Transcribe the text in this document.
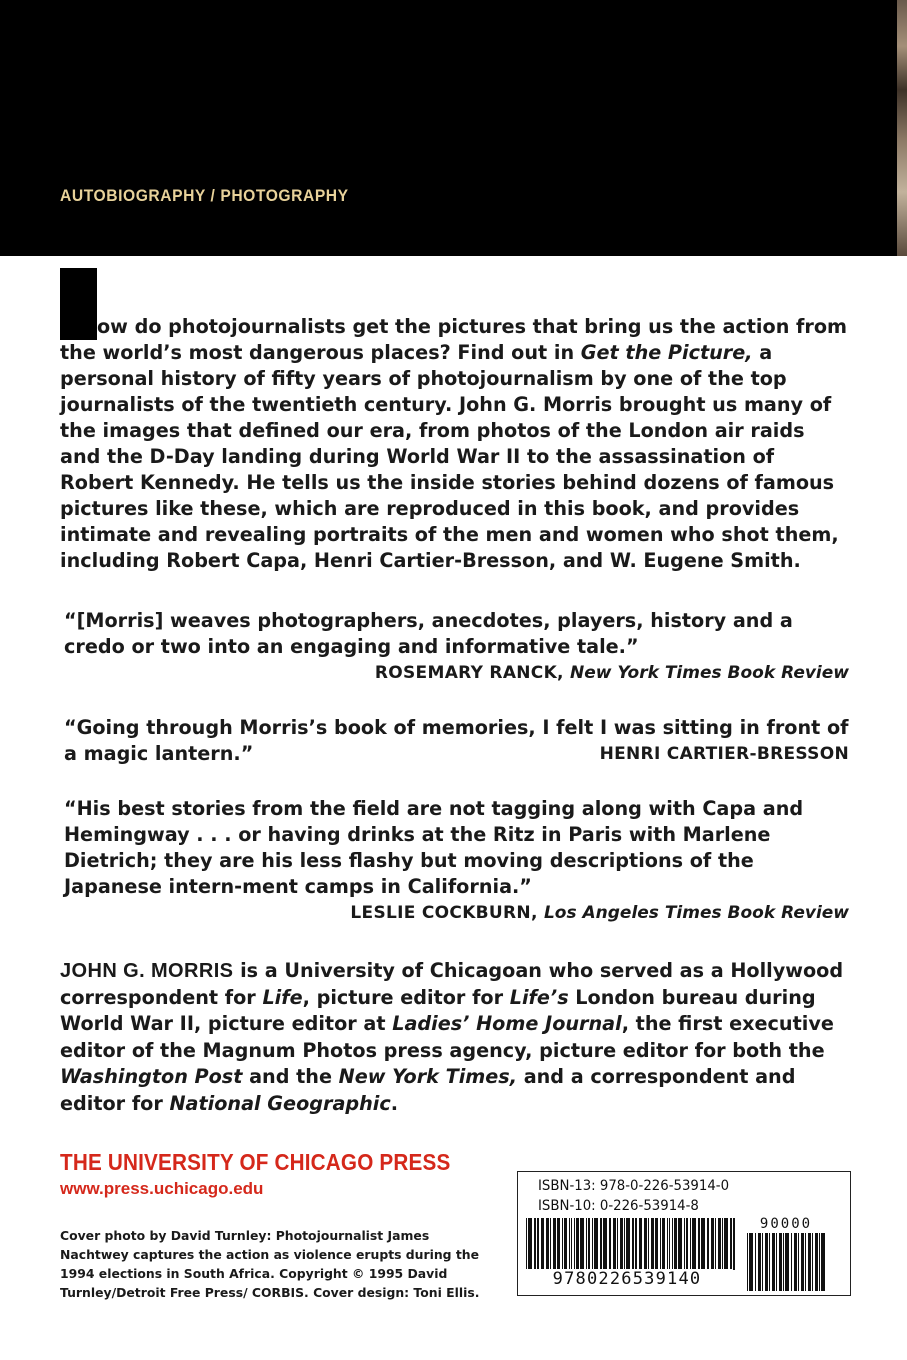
AUTOBIOGRAPHY / PHOTOGRAPHY

ow do photojournalists get the pictures that bring us the action from the world’s most dangerous places? Find out in Get the Picture, a personal history of fifty years of photojournalism by one of the top journalists of the twentieth century. John G. Morris brought us many of the images that defined our era, from photos of the London air raids and the D-Day landing during World War II to the assassination of Robert Kennedy. He tells us the inside stories behind dozens of famous pictures like these, which are reproduced in this book, and provides intimate and revealing portraits of the men and women who shot them, including Robert Capa, Henri Cartier-Bresson, and W. Eugene Smith.

“[Morris] weaves photographers, anecdotes, players, history and a credo or two into an engaging and informative tale.”
ROSEMARY RANCK, New York Times Book Review
“Going through Morris’s book of memories, I felt I was sitting in front of a magic lantern.”	HENRI CARTIER-BRESSON
“His best stories from the field are not tagging along with Capa and Hemingway . . . or having drinks at the Ritz in Paris with Marlene Dietrich; they are his less flashy but moving descriptions of the Japanese intern-ment camps in California.”
LESLIE COCKBURN, Los Angeles Times Book Review

JOHN G. MORRIS is a University of Chicagoan who served as a Hollywood correspondent for Life, picture editor for Life’s London bureau during World War II, picture editor at Ladies’ Home Journal, the first executive editor of the Magnum Photos press agency, picture editor for both the Washington Post and the New York Times, and a correspondent and editor for National Geographic.

THE UNIVERSITY OF CHICAGO PRESS
www.press.uchicago.edu

Cover photo by David Turnley: Photojournalist James Nachtwey captures the action as violence erupts during the 1994 elections in South Africa. Copyright © 1995 David Turnley/Detroit Free Press/ CORBIS. Cover design: Toni Ellis.

ISBN-13: 978-0-226-53914-0
ISBN-10: 0-226-53914-8
90000
9780226539140
